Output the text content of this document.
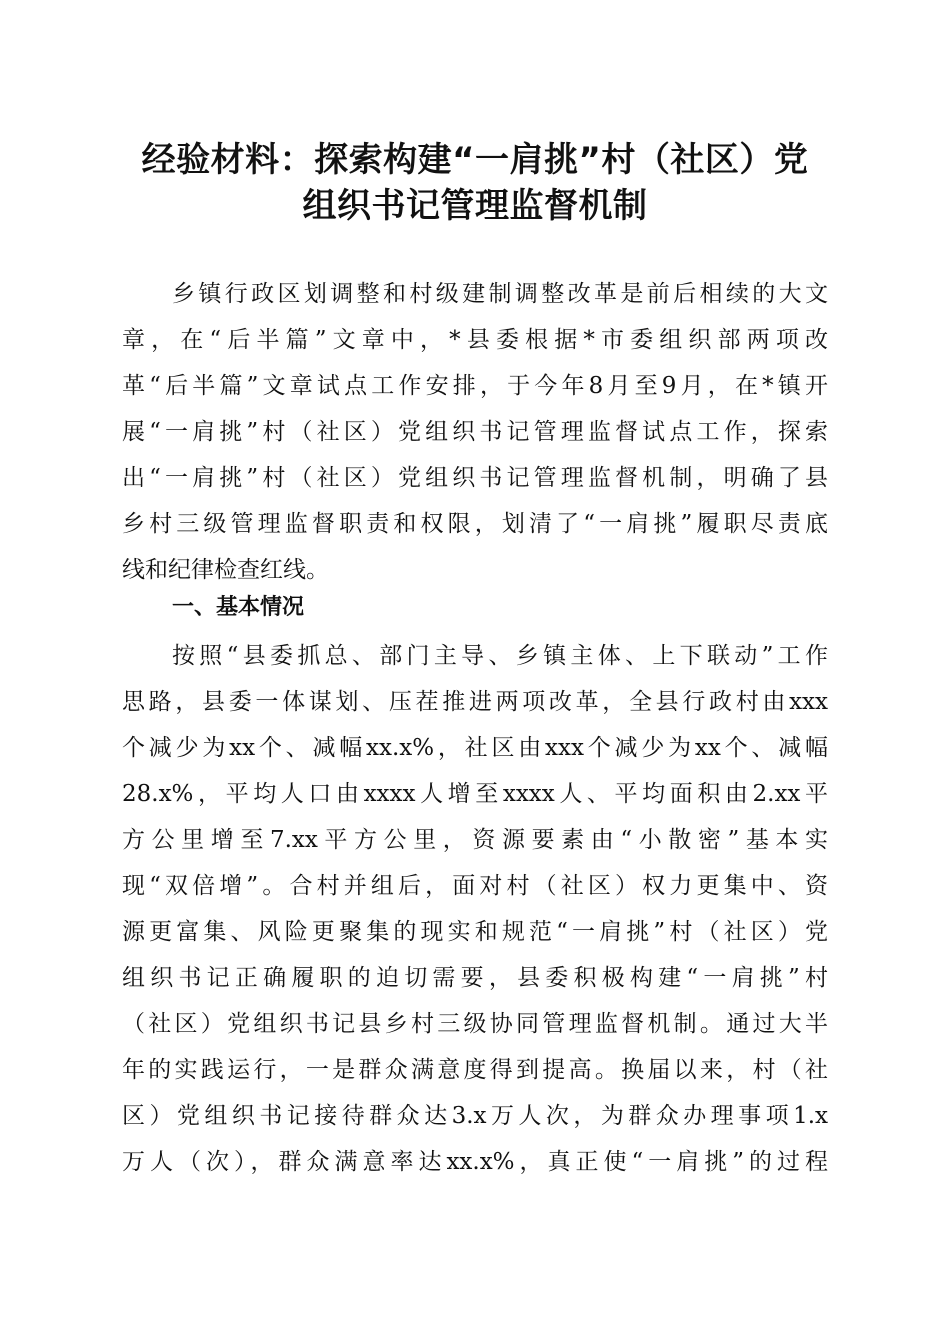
经验材料：探索构建“一肩挑”村（社区）党
组织书记管理监督机制
乡镇行政区划调整和村级建制调整改革是前后相续的大文
章，在“后半篇”文章中，*县委根据*市委组织部两项改
革“后半篇”文章试点工作安排，于今年8月至9月，在*镇开
展“一肩挑”村（社区）党组织书记管理监督试点工作，探索
出“一肩挑”村（社区）党组织书记管理监督机制，明确了县
乡村三级管理监督职责和权限，划清了“一肩挑”履职尽责底
线和纪律检查红线。
一、基本情况
按照“县委抓总、部门主导、乡镇主体、上下联动”工作
思路，县委一体谋划、压茬推进两项改革，全县行政村由xxx
个减少为xx个、减幅xx.x%，社区由xxx个减少为xx个、减幅
28.x%，平均人口由xxxx人增至xxxx人、平均面积由2.xx平
方公里增至7.xx平方公里，资源要素由“小散密”基本实
现“双倍增”。合村并组后，面对村（社区）权力更集中、资
源更富集、风险更聚集的现实和规范“一肩挑”村（社区）党
组织书记正确履职的迫切需要，县委积极构建“一肩挑”村
（社区）党组织书记县乡村三级协同管理监督机制。通过大半
年的实践运行，一是群众满意度得到提高。换届以来，村（社
区）党组织书记接待群众达3.x万人次，为群众办理事项1.x
万人（次），群众满意率达xx.x%，真正使“一肩挑”的过程
